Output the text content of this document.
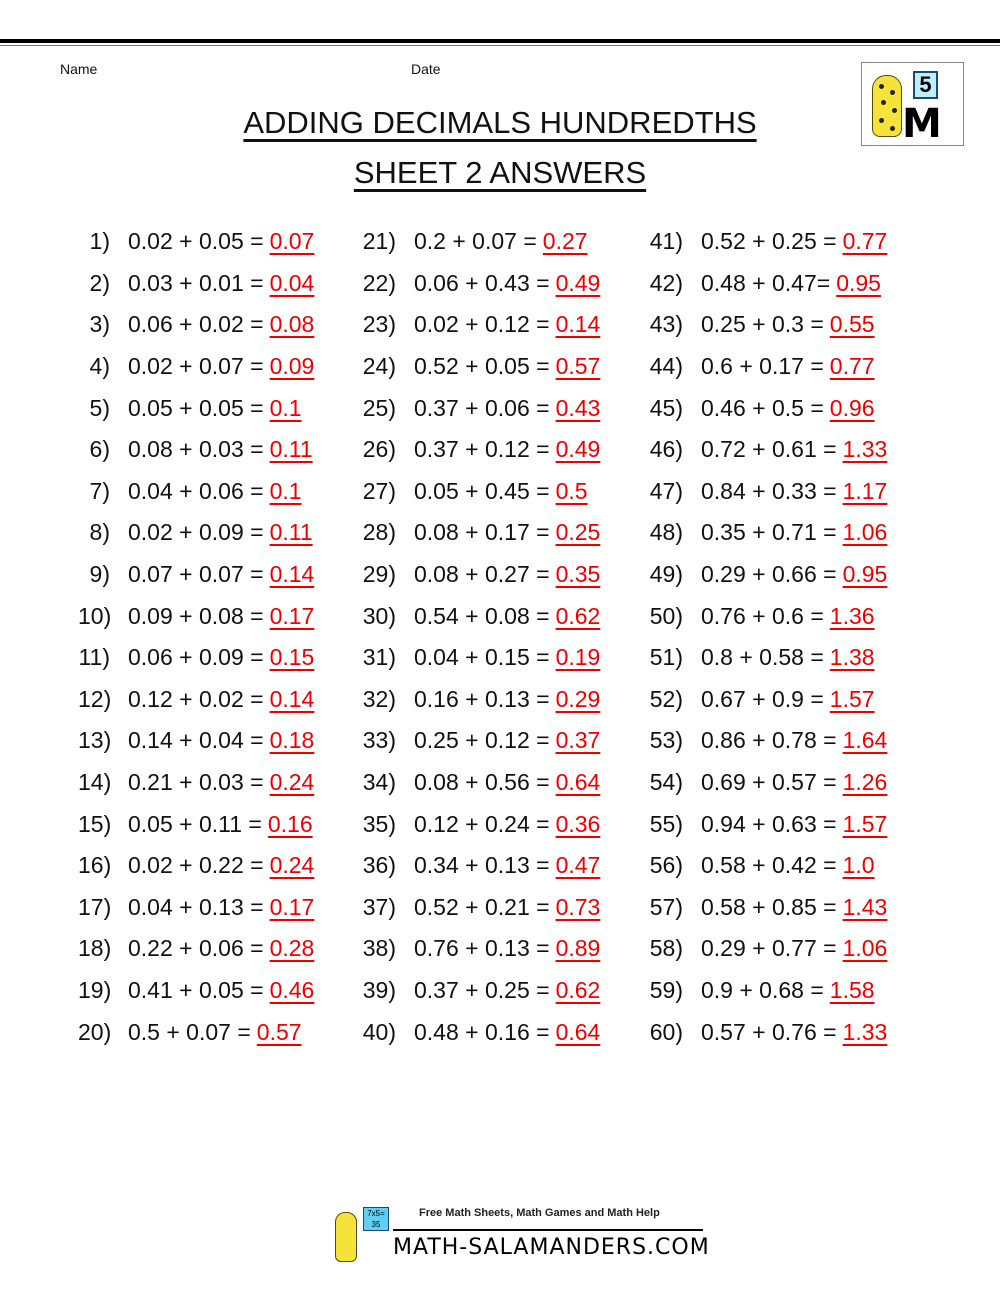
Name	Date
5
M
ADDING DECIMALS HUNDREDTHS
SHEET 2 ANSWERS
1) 0.02 + 0.05 = 0.07
2) 0.03 + 0.01 = 0.04
3) 0.06 + 0.02 = 0.08
4) 0.02 + 0.07 = 0.09
5) 0.05 + 0.05 = 0.1
6) 0.08 + 0.03 = 0.11
7) 0.04 + 0.06 = 0.1
8) 0.02 + 0.09 = 0.11
9) 0.07 + 0.07 = 0.14
10) 0.09 + 0.08 = 0.17
11) 0.06 + 0.09 = 0.15
12) 0.12 + 0.02 = 0.14
13) 0.14 + 0.04 = 0.18
14) 0.21 + 0.03 = 0.24
15) 0.05 + 0.11 = 0.16
16) 0.02 + 0.22 = 0.24
17) 0.04 + 0.13 = 0.17
18) 0.22 + 0.06 = 0.28
19) 0.41 + 0.05 = 0.46
20) 0.5 + 0.07 = 0.57
21) 0.2 + 0.07 = 0.27
22) 0.06 + 0.43 = 0.49
23) 0.02 + 0.12 = 0.14
24) 0.52 + 0.05 = 0.57
25) 0.37 + 0.06 = 0.43
26) 0.37 + 0.12 = 0.49
27) 0.05 + 0.45 = 0.5
28) 0.08 + 0.17 = 0.25
29) 0.08 + 0.27 = 0.35
30) 0.54 + 0.08 = 0.62
31) 0.04 + 0.15 = 0.19
32) 0.16 + 0.13 = 0.29
33) 0.25 + 0.12 = 0.37
34) 0.08 + 0.56 = 0.64
35) 0.12 + 0.24 = 0.36
36) 0.34 + 0.13 = 0.47
37) 0.52 + 0.21 = 0.73
38) 0.76 + 0.13 = 0.89
39) 0.37 + 0.25 = 0.62
40) 0.48 + 0.16 = 0.64
41) 0.52 + 0.25 = 0.77
42) 0.48 + 0.47= 0.95
43) 0.25 + 0.3 = 0.55
44) 0.6 + 0.17 = 0.77
45) 0.46 + 0.5 = 0.96
46) 0.72 + 0.61 = 1.33
47) 0.84 + 0.33 = 1.17
48) 0.35 + 0.71 = 1.06
49) 0.29 + 0.66 = 0.95
50) 0.76 + 0.6 = 1.36
51) 0.8 + 0.58 = 1.38
52) 0.67 + 0.9 = 1.57
53) 0.86 + 0.78 = 1.64
54) 0.69 + 0.57 = 1.26
55) 0.94 + 0.63 = 1.57
56) 0.58 + 0.42 = 1.0
57) 0.58 + 0.85 = 1.43
58) 0.29 + 0.77 = 1.06
59) 0.9 + 0.68 = 1.58
60) 0.57 + 0.76 = 1.33
7x5= 35
Free Math Sheets, Math Games and Math Help
MATH-SALAMANDERS.COM
